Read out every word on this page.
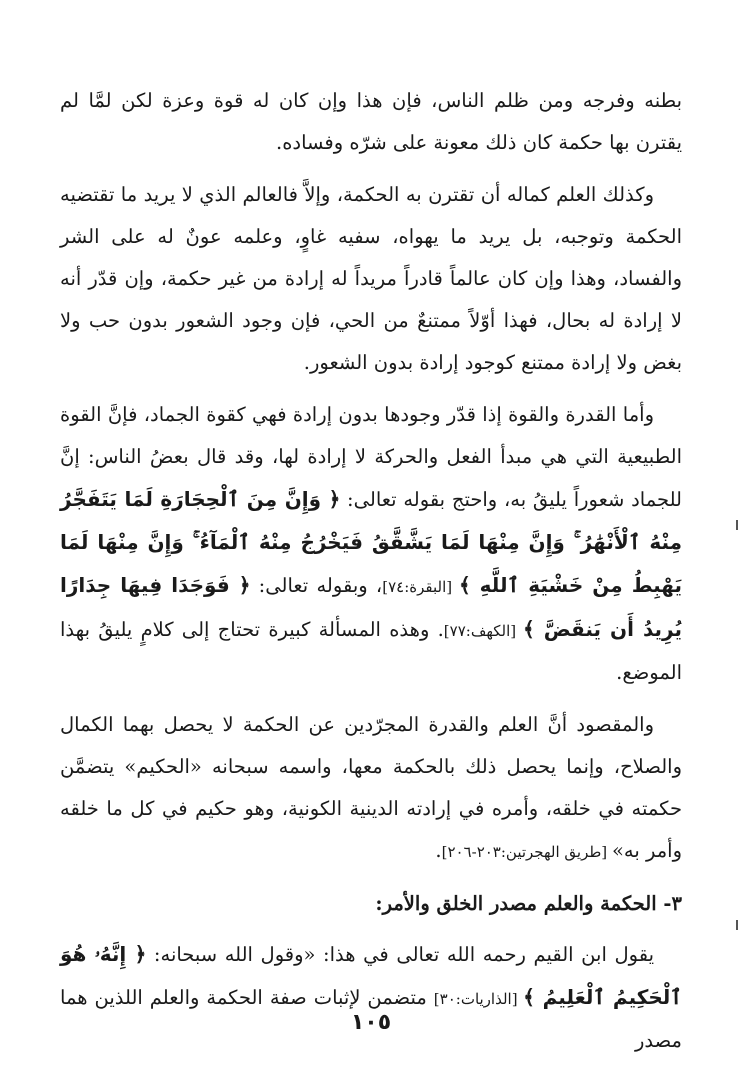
بطنه وفرجه ومن ظلم الناس، فإن هذا وإن كان له قوة وعزة لكن لمَّا لم يقترن بها حكمة كان ذلك معونة على شرّه وفساده.

وكذلك العلم كماله أن تقترن به الحكمة، وإلاَّ فالعالم الذي لا يريد ما تقتضيه الحكمة وتوجبه، بل يريد ما يهواه، سفيه غاوٍ، وعلمه عونٌ له على الشر والفساد، وهذا وإن كان عالماً قادراً مريداً له إرادة من غير حكمة، وإن قدّر أنه لا إرادة له بحال، فهذا أوّلاً ممتنعٌ من الحي، فإن وجود الشعور بدون حب ولا بغض ولا إرادة ممتنع كوجود إرادة بدون الشعور.

وأما القدرة والقوة إذا قدّر وجودها بدون إرادة فهي كقوة الجماد، فإنَّ القوة الطبيعية التي هي مبدأ الفعل والحركة لا إرادة لها، وقد قال بعضُ الناس: إنَّ للجماد شعوراً يليقُ به، واحتج بقوله تعالى: ﴿ وَإِنَّ مِنَ ٱلْحِجَارَةِ لَمَا يَتَفَجَّرُ مِنْهُ ٱلْأَنْهَٰرُ ۚ وَإِنَّ مِنْهَا لَمَا يَشَّقَّقُ فَيَخْرُجُ مِنْهُ ٱلْمَآءُ ۚ وَإِنَّ مِنْهَا لَمَا يَهْبِطُ مِنْ خَشْيَةِ ٱللَّهِ ﴾ [البقرة:٧٤]، وبقوله تعالى: ﴿ فَوَجَدَا فِيهَا جِدَارًا يُرِيدُ أَن يَنقَضَّ ﴾ [الكهف:٧٧]. وهذه المسألة كبيرة تحتاج إلى كلامٍ يليقُ بهذا الموضع.

والمقصود أنَّ العلم والقدرة المجرّدين عن الحكمة لا يحصل بهما الكمال والصلاح، وإنما يحصل ذلك بالحكمة معها، واسمه سبحانه «الحكيم» يتضمَّن حكمته في خلقه، وأمره في إرادته الدينية الكونية، وهو حكيم في كل ما خلقه وأمر به» [طريق الهجرتين:٢٠٣-٢٠٦].

٣- الحكمة والعلم مصدر الخلق والأمر:

يقول ابن القيم رحمه الله تعالى في هذا: «وقول الله سبحانه: ﴿ إِنَّهُۥ هُوَ ٱلْحَكِيمُ ٱلْعَلِيمُ ﴾ [الذاريات:٣٠] متضمن لإثبات صفة الحكمة والعلم اللذين هما مصدر

١٠٥
